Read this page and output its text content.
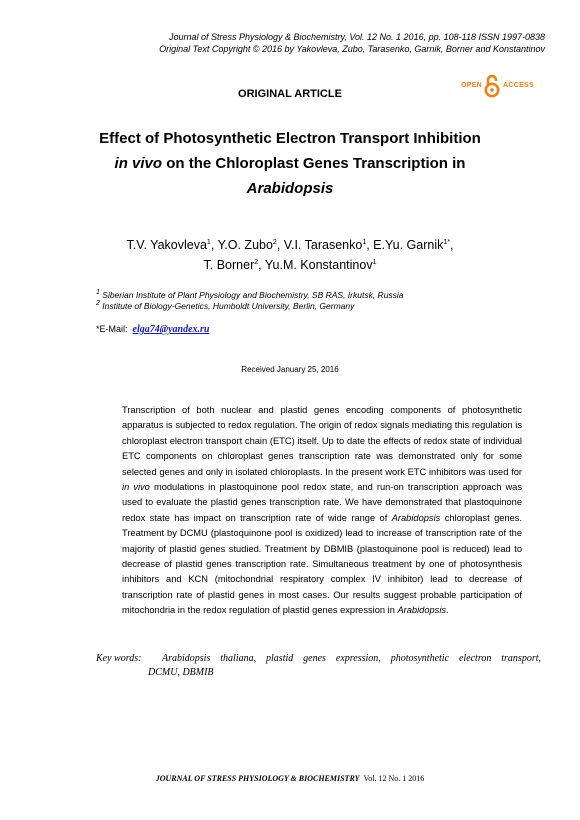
Journal of Stress Physiology & Biochemistry, Vol. 12 No. 1 2016, pp. 108-118 ISSN 1997-0838
Original Text Copyright © 2016 by Yakovleva, Zubo, Tarasenko, Garnik, Borner and Konstantinov
OPEN	ACCESS
ORIGINAL ARTICLE
Effect of Photosynthetic Electron Transport Inhibition
in vivo on the Chloroplast Genes Transcription in
Arabidopsis
T.V. Yakovleva$^1$, Y.O. Zubo$^2$, V.I. Tarasenko$^1$, E.Yu. Garnik$^{1*}$,
T. Borner$^2$, Yu.M. Konstantinov$^1$
$^1$ Siberian Institute of Plant Physiology and Biochemistry, SB RAS, Irkutsk, Russia
$^2$ Institute of Biology-Genetics, Humboldt University, Berlin, Germany
*E-Mail: elga74@yandex.ru
Received January 25, 2016
Transcription of both nuclear and plastid genes encoding components of photosynthetic apparatus is subjected to redox regulation. The origin of redox signals mediating this regulation is chloroplast electron transport chain (ETC) itself. Up to date the effects of redox state of individual ETC components on chloroplast genes transcription rate was demonstrated only for some selected genes and only in isolated chloroplasts. In the present work ETC inhibitors was used for in vivo modulations in plastoquinone pool redox state, and run-on transcription approach was used to evaluate the plastid genes transcription rate. We have demonstrated that plastoquinone redox state has impact on transcription rate of wide range of Arabidopsis chloroplast genes. Treatment by DCMU (plastoquinone pool is oxidized) lead to increase of transcription rate of the majority of plastid genes studied. Treatment by DBMIB (plastoquinone pool is reduced) lead to decrease of plastid genes transcription rate. Simultaneous treatment by one of photosynthesis inhibitors and KCN (mitochondrial respiratory complex IV inhibitor) lead to decrease of transcription rate of plastid genes in most cases. Our results suggest probable participation of mitochondria in the redox regulation of plastid genes expression in Arabidopsis.
Key words:	Arabidopsis thaliana, plastid genes expression, photosynthetic electron transport,
DCMU, DBMIB
JOURNAL OF STRESS PHYSIOLOGY & BIOCHEMISTRY Vol. 12 No. 1 2016
